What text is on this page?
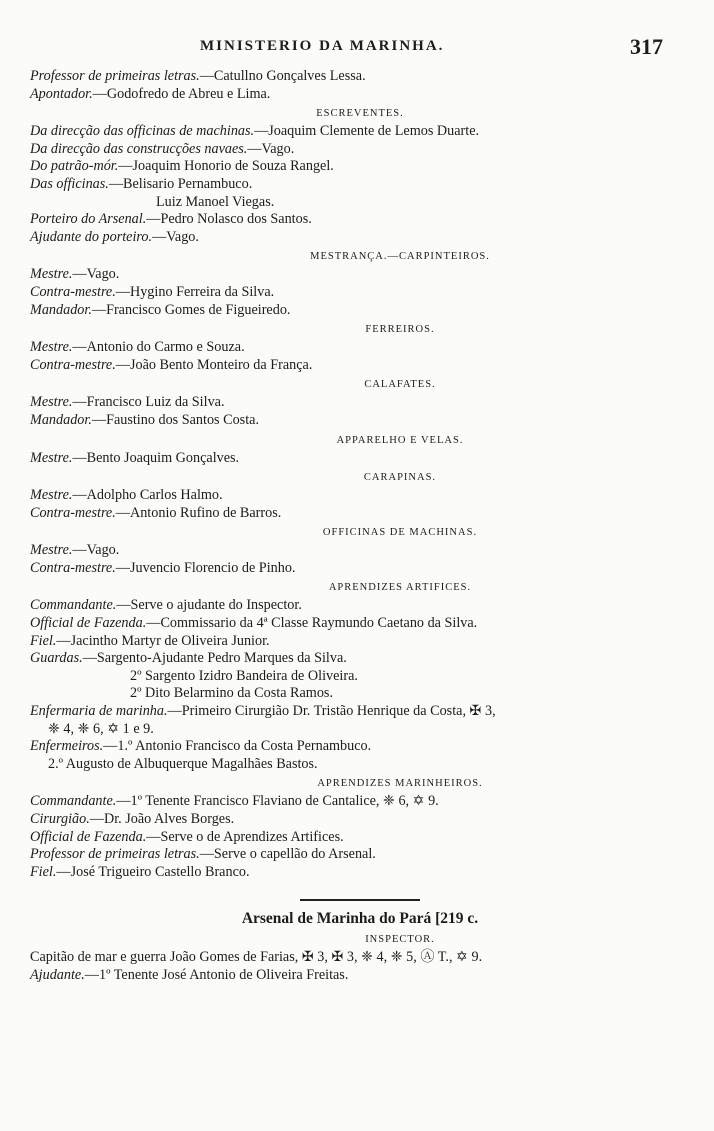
MINISTERIO DA MARINHA.	317
Professor de primeiras letras.—Catullno Gonçalves Lessa.
Apontador.—Godofredo de Abreu e Lima.
ESCREVENTES.
Da direcção das officinas de machinas.—Joaquim Clemente de Lemos Duarte.
Da direcção das construcções navaes.—Vago.
Do patrão-mór.—Joaquim Honorio de Souza Rangel.
Das officinas.—Belisario Pernambuco.
Luiz Manoel Viegas.
Porteiro do Arsenal.—Pedro Nolasco dos Santos.
Ajudante do porteiro.—Vago.
MESTRANÇA.—CARPINTEIROS.
Mestre.—Vago.
Contra-mestre.—Hygino Ferreira da Silva.
Mandador.—Francisco Gomes de Figueiredo.
FERREIROS.
Mestre.—Antonio do Carmo e Souza.
Contra-mestre.—João Bento Monteiro da França.
CALAFATES.
Mestre.—Francisco Luiz da Silva.
Mandador.—Faustino dos Santos Costa.
APPARELHO E VELAS.
Mestre.—Bento Joaquim Gonçalves.
CARAPINAS.
Mestre.—Adolpho Carlos Halmo.
Contra-mestre.—Antonio Rufino de Barros.
OFFICINAS DE MACHINAS.
Mestre.—Vago.
Contra-mestre.—Juvencio Florencio de Pinho.
APRENDIZES ARTIFICES.
Commandante.—Serve o ajudante do Inspector.
Official de Fazenda.—Commissario da 4ª Classe Raymundo Caetano da Silva.
Fiel.—Jacintho Martyr de Oliveira Junior.
Guardas.—Sargento-Ajudante Pedro Marques da Silva.
2º Sargento Izidro Bandeira de Oliveira.
2º Dito Belarmino da Costa Ramos.
Enfermaria de marinha.—Primeiro Cirurgião Dr. Tristão Henrique da Costa, ✠ 3,
❈ 4, ❈ 6, ✡ 1 e 9.
Enfermeiros.—1.º Antonio Francisco da Costa Pernambuco.
2.º Augusto de Albuquerque Magalhães Bastos.
APRENDIZES MARINHEIROS.
Commandante.—1º Tenente Francisco Flaviano de Cantalice, ❈ 6, ✡ 9.
Cirurgião.—Dr. João Alves Borges.
Official de Fazenda.—Serve o de Aprendizes Artifices.
Professor de primeiras letras.—Serve o capellão do Arsenal.
Fiel.—José Trigueiro Castello Branco.
Arsenal de Marinha do Pará [219 c.
INSPECTOR.
Capitão de mar e guerra João Gomes de Farias, ✠ 3, ✠ 3, ❈ 4, ❈ 5, Ⓐ T., ✡ 9.
Ajudante.—1º Tenente José Antonio de Oliveira Freitas.
